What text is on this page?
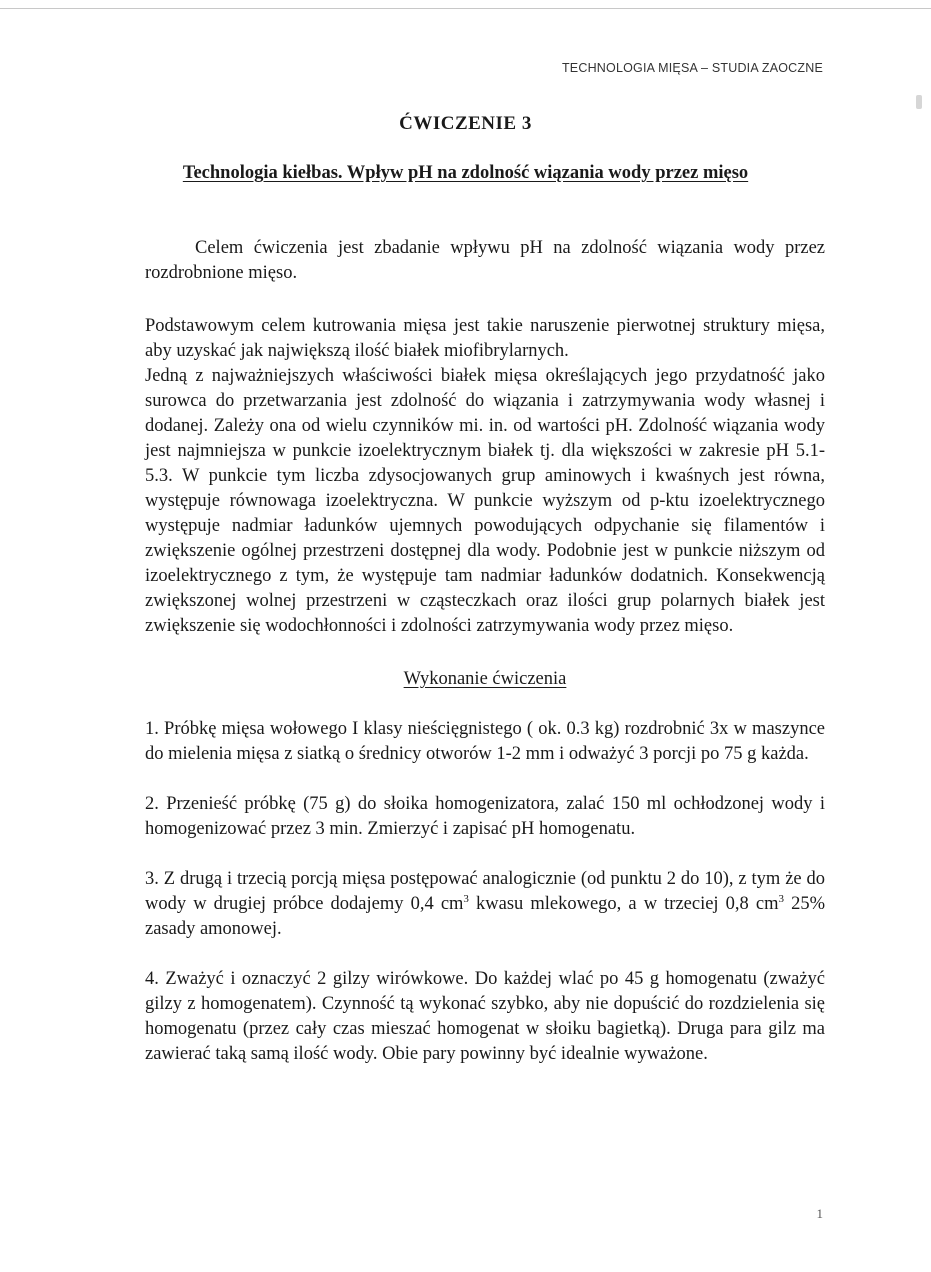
TECHNOLOGIA MIĘSA – STUDIA ZAOCZNE
ĆWICZENIE 3
Technologia kiełbas. Wpływ pH na zdolność wiązania wody przez mięso

Celem ćwiczenia jest zbadanie wpływu pH na zdolność wiązania wody przez rozdrobnione mięso.

Podstawowym celem kutrowania mięsa jest takie naruszenie pierwotnej struktury mięsa, aby uzyskać jak największą ilość białek miofibrylarnych.

Jedną z najważniejszych właściwości białek mięsa określających jego przydatność jako surowca do przetwarzania jest zdolność do wiązania i zatrzymywania wody własnej i dodanej. Zależy ona od wielu czynników mi. in. od wartości pH. Zdolność wiązania wody jest najmniejsza w punkcie izoelektrycznym białek tj. dla większości w zakresie pH 5.1-5.3. W punkcie tym liczba zdysocjowanych grup aminowych i kwaśnych jest równa, występuje równowaga izoelektryczna. W punkcie wyższym od p-ktu izoelektrycznego występuje nadmiar ładunków ujemnych powodujących odpychanie się filamentów i zwiększenie ogólnej przestrzeni dostępnej dla wody. Podobnie jest w punkcie niższym od izoelektrycznego z tym, że występuje tam nadmiar ładunków dodatnich. Konsekwencją zwiększonej wolnej przestrzeni w cząsteczkach oraz ilości grup polarnych białek jest zwiększenie się wodochłonności i zdolności zatrzymywania wody przez mięso.

Wykonanie ćwiczenia

1. Próbkę mięsa wołowego I klasy nieścięgnistego ( ok. 0.3 kg) rozdrobnić 3x w maszynce do mielenia mięsa z siatką o średnicy otworów 1-2 mm i odważyć 3 porcji po 75 g każda.

2. Przenieść próbkę (75 g) do słoika homogenizatora, zalać 150 ml ochłodzonej wody i homogenizować przez 3 min. Zmierzyć i zapisać pH homogenatu.

3. Z drugą i trzecią porcją mięsa postępować analogicznie (od punktu 2 do 10), z tym że do wody w drugiej próbce dodajemy 0,4 $cm^3$ kwasu mlekowego, a w trzeciej 0,8 $cm^3$ 25% zasady amonowej.

4. Zważyć i oznaczyć 2 gilzy wirówkowe. Do każdej wlać po 45 g homogenatu (zważyć gilzy z homogenatem). Czynność tą wykonać szybko, aby nie dopuścić do rozdzielenia się homogenatu (przez cały czas mieszać homogenat w słoiku bagietką). Druga para gilz ma zawierać taką samą ilość wody. Obie pary powinny być idealnie wyważone.

1
